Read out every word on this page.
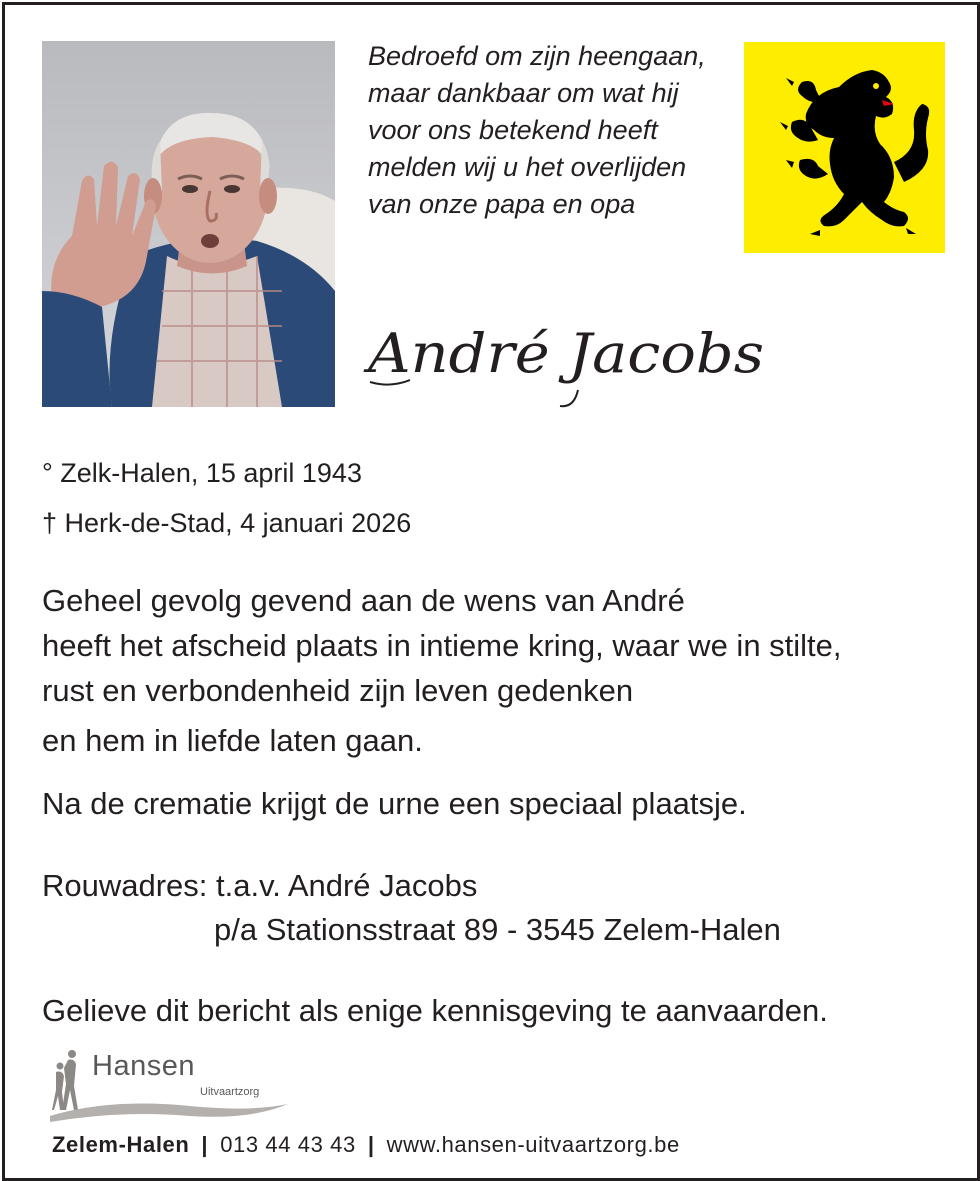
Bedroefd om zijn heengaan,
maar dankbaar om wat hij
voor ons betekend heeft
melden wij u het overlijden
van onze papa en opa
André Jacobs
° Zelk-Halen, 15 april 1943
† Herk-de-Stad, 4 januari 2026
Geheel gevolg gevend aan de wens van André
heeft het afscheid plaats in intieme kring, waar we in stilte,
rust en verbondenheid zijn leven gedenken
en hem in liefde laten gaan.
Na de crematie krijgt de urne een speciaal plaatsje.
Rouwadres: t.a.v. André Jacobs
p/a Stationsstraat 89 - 3545 Zelem-Halen
Gelieve dit bericht als enige kennisgeving te aanvaarden.
Hansen
Uitvaartzorg
Zelem-Halen | 013 44 43 43 | www.hansen-uitvaartzorg.be
